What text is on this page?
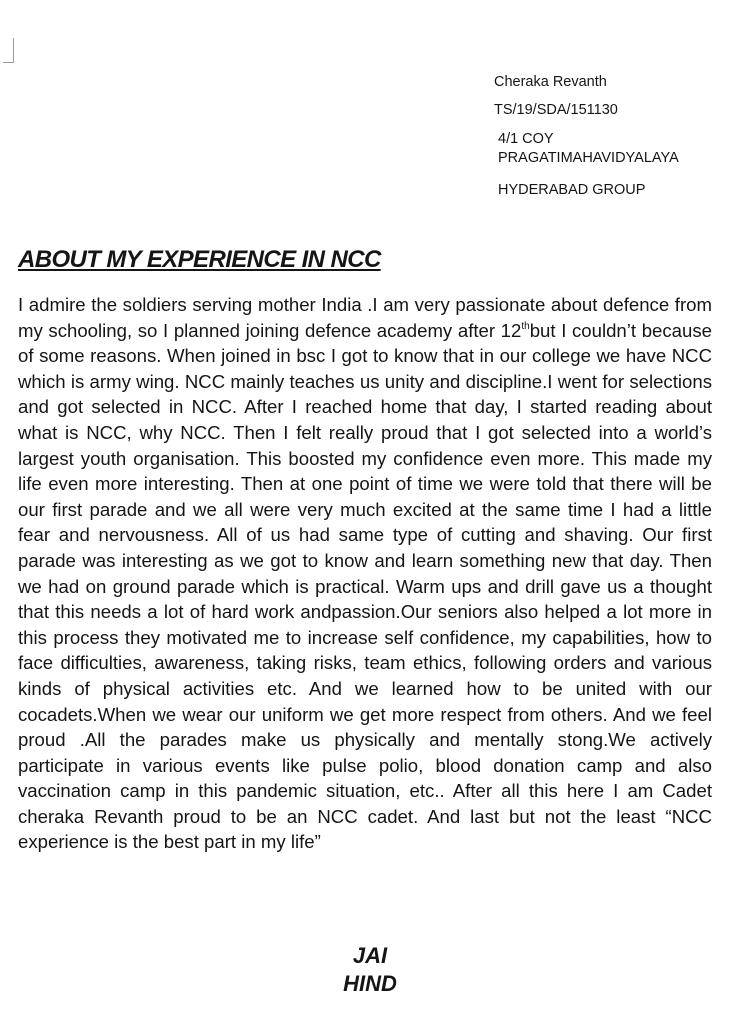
Cheraka Revanth
TS/19/SDA/151130
4/1 COY
PRAGATIMAHAVIDYALAYA
HYDERABAD GROUP
ABOUT MY EXPERIENCE IN NCC

I admire the soldiers serving mother India .I am very passionate about defence from my schooling, so I planned joining defence academy after 12thbut I couldn’t because of some reasons. When joined in bsc I got to know that in our college we have NCC which is army wing. NCC mainly teaches us unity and discipline.I went for selections and got selected in NCC. After I reached home that day, I started reading about what is NCC, why NCC. Then I felt really proud that I got selected into a world’s largest youth organisation. This boosted my confidence even more. This made my life even more interesting. Then at one point of time we were told that there will be our first parade and we all were very much excited at the same time I had a little fear and nervousness. All of us had same type of cutting and shaving. Our first parade was interesting as we got to know and learn something new that day. Then we had on ground parade which is practical. Warm ups and drill gave us a thought that this needs a lot of hard work andpassion.Our seniors also helped a lot more in this process they motivated me to increase self confidence, my capabilities, how to face difficulties, awareness, taking risks, team ethics, following orders and various kinds of physical activities etc. And we learned how to be united with our cocadets.When we wear our uniform we get more respect from others. And we feel proud .All the parades make us physically and mentally stong.We actively participate in various events like pulse polio, blood donation camp and also vaccination camp in this pandemic situation, etc.. After all this here I am Cadet cheraka Revanth proud to be an NCC cadet. And last but not the least “NCC experience is the best part in my life”

JAI
HIND
